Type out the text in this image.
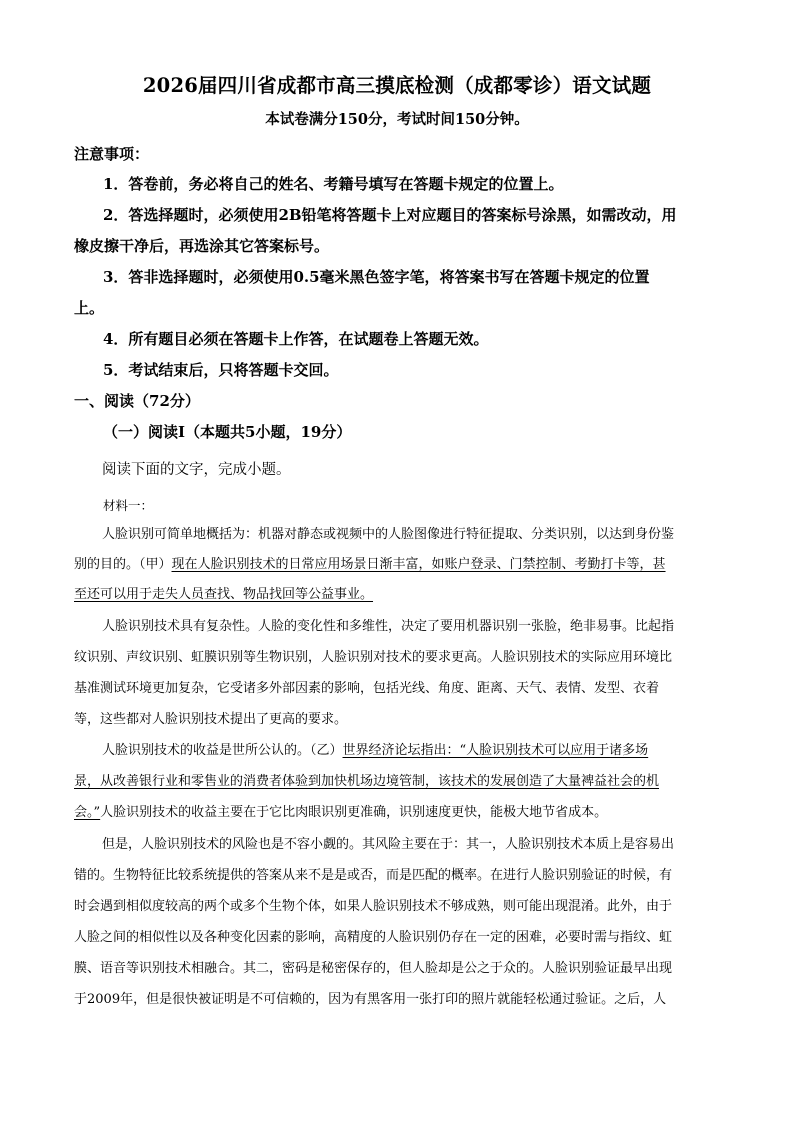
2026届四川省成都市高三摸底检测（成都零诊）语文试题
本试卷满分150分，考试时间150分钟。
注意事项：
1．答卷前，务必将自己的姓名、考籍号填写在答题卡规定的位置上。
2．答选择题时，必须使用2B铅笔将答题卡上对应题目的答案标号涂黑，如需改动，用
橡皮擦干净后，再选涂其它答案标号。
3．答非选择题时，必须使用0.5毫米黑色签字笔，将答案书写在答题卡规定的位置
上。
4．所有题目必须在答题卡上作答，在试题卷上答题无效。
5．考试结束后，只将答题卡交回。
一、阅读（72分）
（一）阅读Ⅰ（本题共5小题，19分）
阅读下面的文字，完成小题。
材料一：
人脸识别可简单地概括为：机器对静态或视频中的人脸图像进行特征提取、分类识别，以达到身份鉴
别的目的。（甲）现在人脸识别技术的日常应用场景日渐丰富，如账户登录、门禁控制、考勤打卡等，甚
至还可以用于走失人员查找、物品找回等公益事业。
人脸识别技术具有复杂性。人脸的变化性和多维性，决定了要用机器识别一张脸，绝非易事。比起指
纹识别、声纹识别、虹膜识别等生物识别，人脸识别对技术的要求更高。人脸识别技术的实际应用环境比
基准测试环境更加复杂，它受诸多外部因素的影响，包括光线、角度、距离、天气、表情、发型、衣着
等，这些都对人脸识别技术提出了更高的要求。
人脸识别技术的收益是世所公认的。（乙）世界经济论坛指出：“人脸识别技术可以应用于诸多场
景，从改善银行业和零售业的消费者体验到加快机场边境管制，该技术的发展创造了大量裨益社会的机
会。”人脸识别技术的收益主要在于它比肉眼识别更准确，识别速度更快，能极大地节省成本。
但是，人脸识别技术的风险也是不容小觑的。其风险主要在于：其一，人脸识别技术本质上是容易出
错的。生物特征比较系统提供的答案从来不是是或否，而是匹配的概率。在进行人脸识别验证的时候，有
时会遇到相似度较高的两个或多个生物个体，如果人脸识别技术不够成熟，则可能出现混淆。此外，由于
人脸之间的相似性以及各种变化因素的影响，高精度的人脸识别仍存在一定的困难，必要时需与指纹、虹
膜、语音等识别技术相融合。其二，密码是秘密保存的，但人脸却是公之于众的。人脸识别验证最早出现
于2009年，但是很快被证明是不可信赖的，因为有黑客用一张打印的照片就能轻松通过验证。之后，人
